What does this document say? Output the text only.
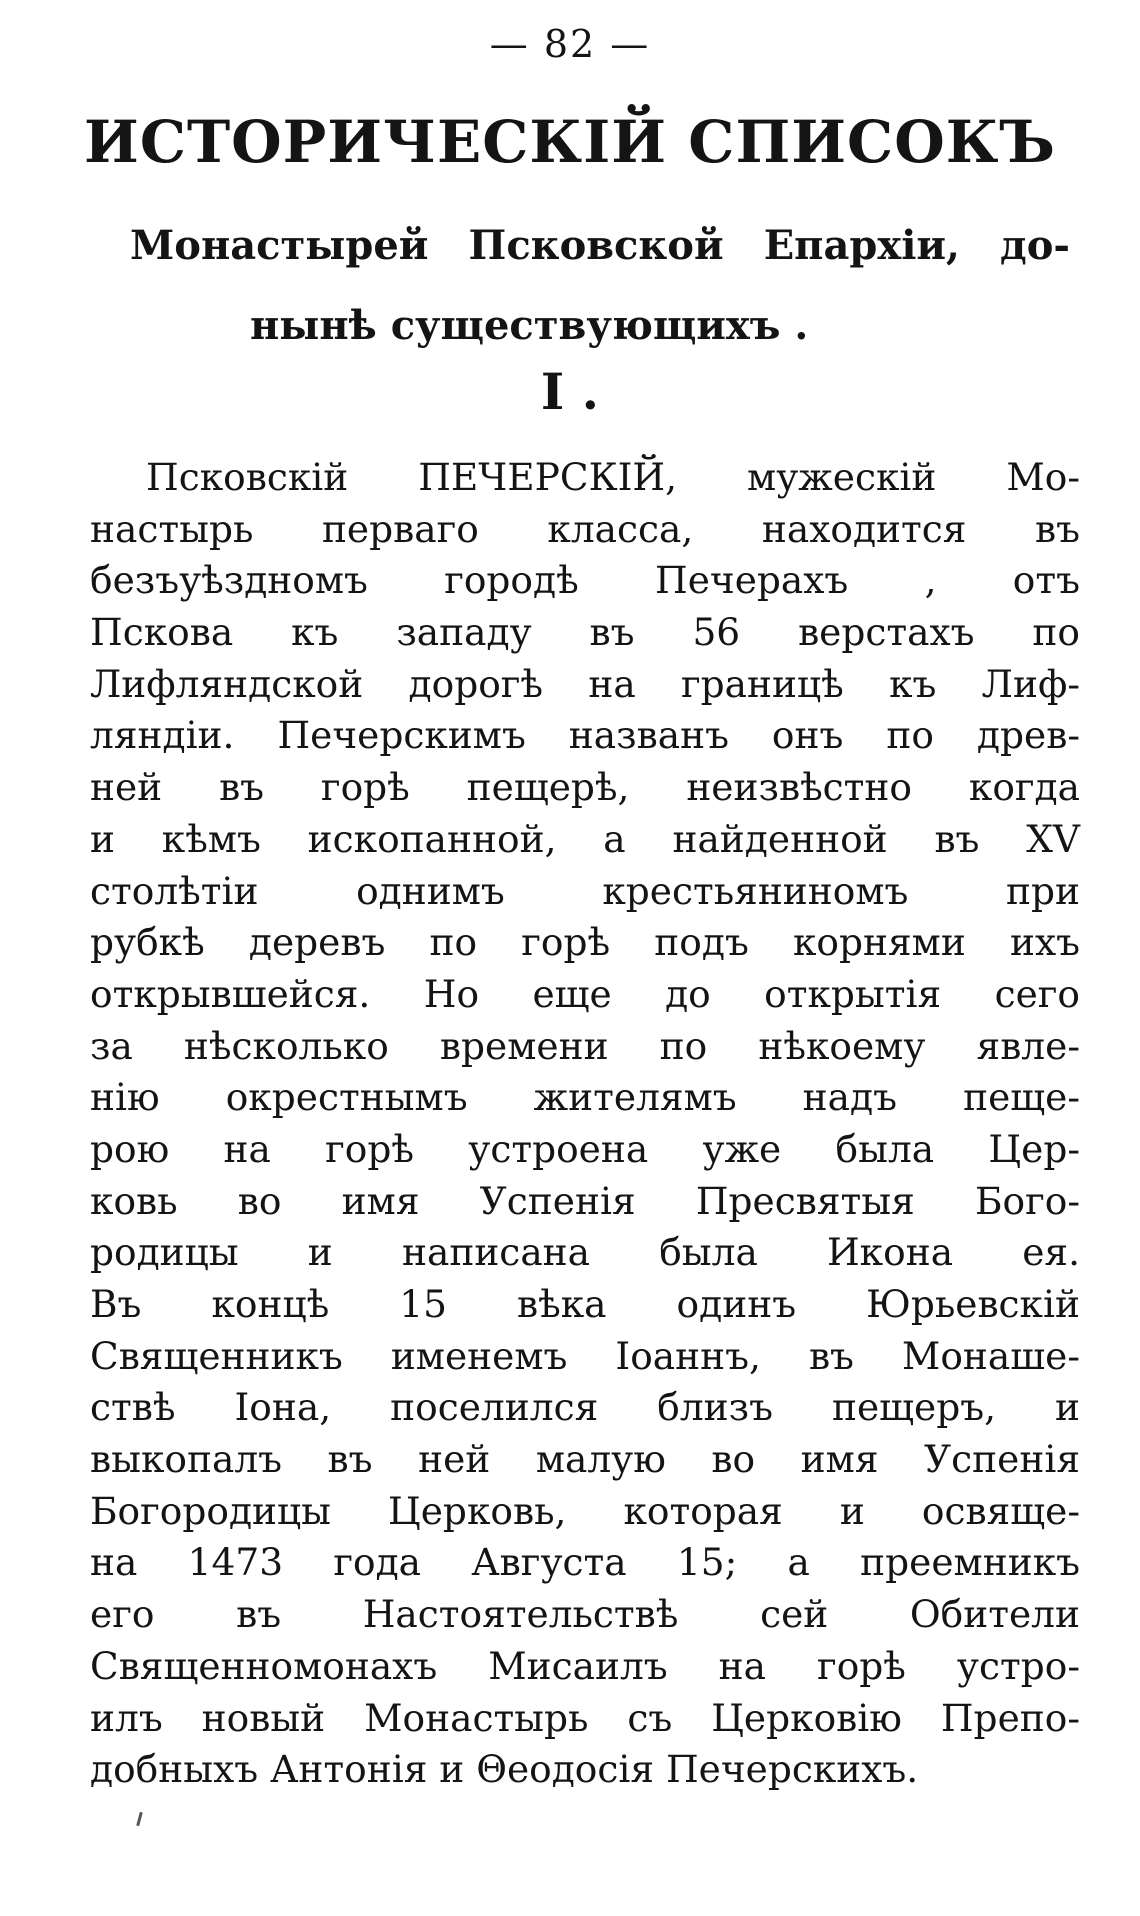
— 82 —
ИСТОРИЧЕСКІЙ СПИСОКЪ
Монастырей Псковской Епархіи, до-
нынѣ существующихъ .
I .
Псковскій ПЕЧЕРСКІЙ, мужескій Мо-
настырь перваго класса, находится въ
безъуѣздномъ городѣ Печерахъ , отъ
Пскова къ западу въ 56 верстахъ по
Лифляндской дорогѣ на границѣ къ Лиф-
ляндіи. Печерскимъ названъ онъ по древ-
ней въ горѣ пещерѣ, неизвѣстно когда
и кѣмъ ископанной, а найденной въ XV
столѣтіи однимъ крестьяниномъ при
рубкѣ деревъ по горѣ подъ корнями ихъ
открывшейся. Но еще до открытія сего
за нѣсколько времени по нѣкоему явле-
нію окрестнымъ жителямъ надъ пеще-
рою на горѣ устроена уже была Цер-
ковь во имя Успенія Пресвятыя Бого-
родицы и написана была Икона ея.
Въ концѣ 15 вѣка одинъ Юрьевскій
Священникъ именемъ Іоаннъ, въ Монаше-
ствѣ Іона, поселился близъ пещеръ, и
выкопалъ въ ней малую во имя Успенія
Богородицы Церковь, которая и освяще-
на 1473 года Августа 15; а преемникъ
его въ Настоятельствѣ сей Обители
Священномонахъ Мисаилъ на горѣ устро-
илъ новый Монастырь съ Церковію Препо-
добныхъ Антонія и Θеодосія Печерскихъ.
